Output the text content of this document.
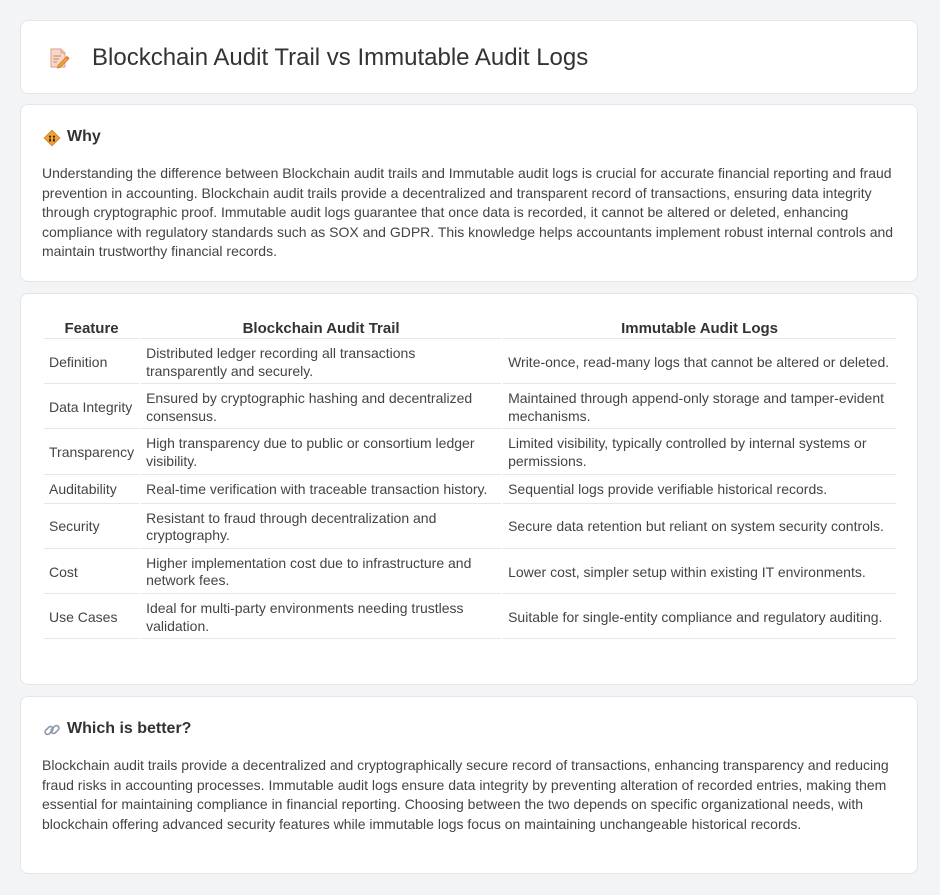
Blockchain Audit Trail vs Immutable Audit Logs
Why

Understanding the difference between Blockchain audit trails and Immutable audit logs is crucial for accurate financial reporting and fraud prevention in accounting. Blockchain audit trails provide a decentralized and transparent record of transactions, ensuring data integrity through cryptographic proof. Immutable audit logs guarantee that once data is recorded, it cannot be altered or deleted, enhancing compliance with regulatory standards such as SOX and GDPR. This knowledge helps accountants implement robust internal controls and maintain trustworthy financial records.

Feature	Blockchain Audit Trail	Immutable Audit Logs
Definition	Distributed ledger recording all transactions transparently and securely.	Write-once, read-many logs that cannot be altered or deleted.
Data Integrity	Ensured by cryptographic hashing and decentralized consensus.	Maintained through append-only storage and tamper-evident mechanisms.
Transparency	High transparency due to public or consortium ledger visibility.	Limited visibility, typically controlled by internal systems or permissions.
Auditability	Real-time verification with traceable transaction history.	Sequential logs provide verifiable historical records.
Security	Resistant to fraud through decentralization and cryptography.	Secure data retention but reliant on system security controls.
Cost	Higher implementation cost due to infrastructure and network fees.	Lower cost, simpler setup within existing IT environments.
Use Cases	Ideal for multi-party environments needing trustless validation.	Suitable for single-entity compliance and regulatory auditing.
Which is better?

Blockchain audit trails provide a decentralized and cryptographically secure record of transactions, enhancing transparency and reducing fraud risks in accounting processes. Immutable audit logs ensure data integrity by preventing alteration of recorded entries, making them essential for maintaining compliance in financial reporting. Choosing between the two depends on specific organizational needs, with blockchain offering advanced security features while immutable logs focus on maintaining unchangeable historical records.
